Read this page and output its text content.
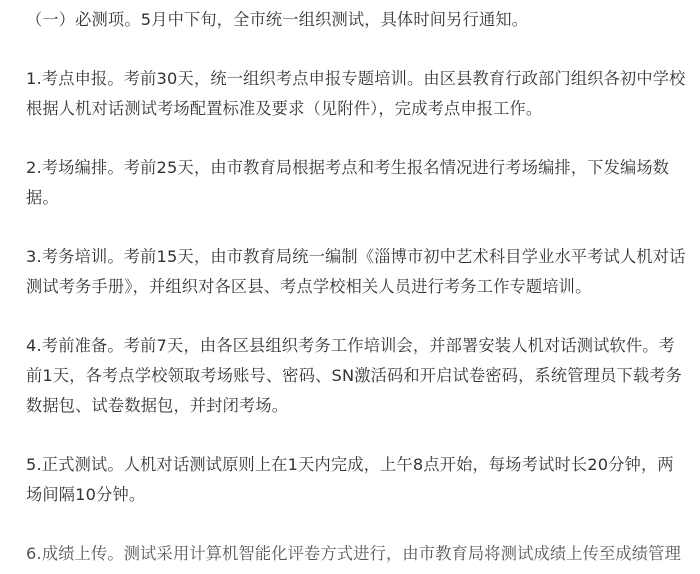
（一）必测项。5月中下旬，全市统一组织测试，具体时间另行通知。
1.考点申报。考前30天，统一组织考点申报专题培训。由区县教育行政部门组织各初中学校
根据人机对话测试考场配置标准及要求（见附件），完成考点申报工作。
2.考场编排。考前25天，由市教育局根据考点和考生报名情况进行考场编排，下发编场数
据。
3.考务培训。考前15天，由市教育局统一编制《淄博市初中艺术科目学业水平考试人机对话
测试考务手册》，并组织对各区县、考点学校相关人员进行考务工作专题培训。
4.考前准备。考前7天，由各区县组织考务工作培训会，并部署安装人机对话测试软件。考
前1天，各考点学校领取考场账号、密码、SN激活码和开启试卷密码，系统管理员下载考务
数据包、试卷数据包，并封闭考场。
5.正式测试。人机对话测试原则上在1天内完成，上午8点开始，每场考试时长20分钟，两
场间隔10分钟。
6.成绩上传。测试采用计算机智能化评卷方式进行，由市教育局将测试成绩上传至成绩管理
